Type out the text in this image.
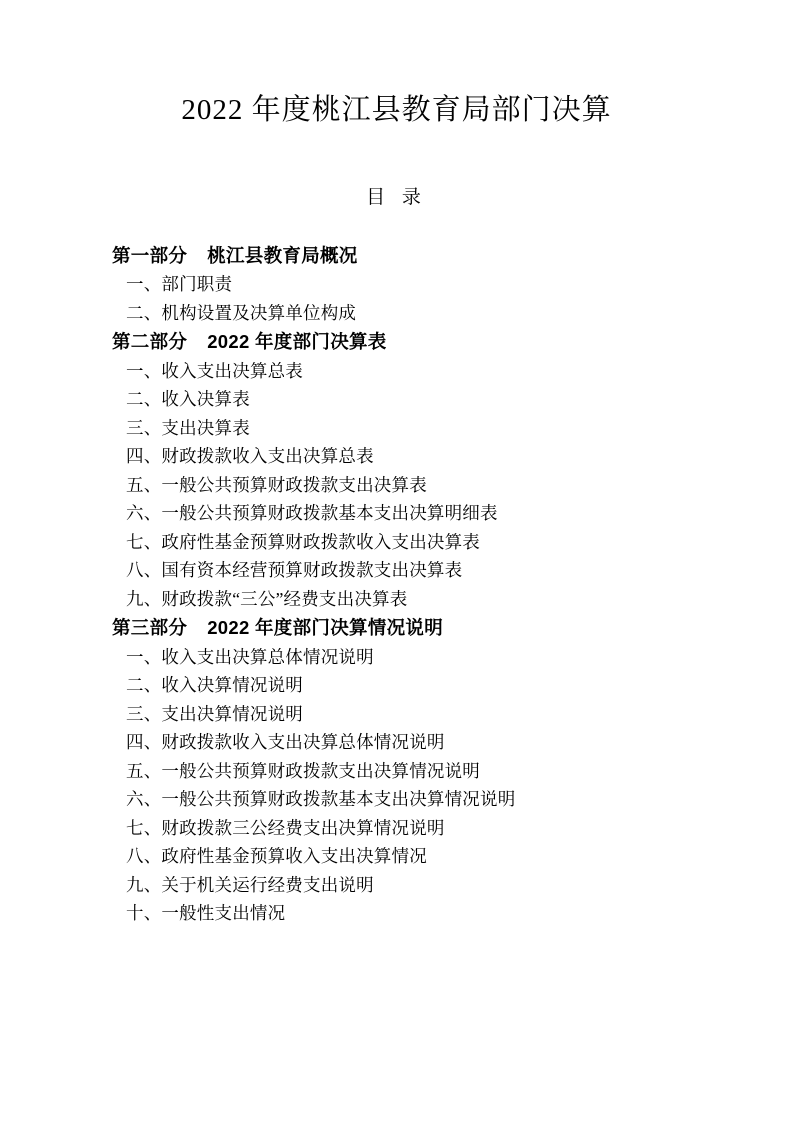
2022 年度桃江县教育局部门决算
目 录
第一部分 桃江县教育局概况
一、部门职责
二、机构设置及决算单位构成
第二部分 2022 年度部门决算表
一、收入支出决算总表
二、收入决算表
三、支出决算表
四、财政拨款收入支出决算总表
五、一般公共预算财政拨款支出决算表
六、一般公共预算财政拨款基本支出决算明细表
七、政府性基金预算财政拨款收入支出决算表
八、国有资本经营预算财政拨款支出决算表
九、财政拨款“三公”经费支出决算表
第三部分 2022 年度部门决算情况说明
一、收入支出决算总体情况说明
二、收入决算情况说明
三、支出决算情况说明
四、财政拨款收入支出决算总体情况说明
五、一般公共预算财政拨款支出决算情况说明
六、一般公共预算财政拨款基本支出决算情况说明
七、财政拨款三公经费支出决算情况说明
八、政府性基金预算收入支出决算情况
九、关于机关运行经费支出说明
十、一般性支出情况
